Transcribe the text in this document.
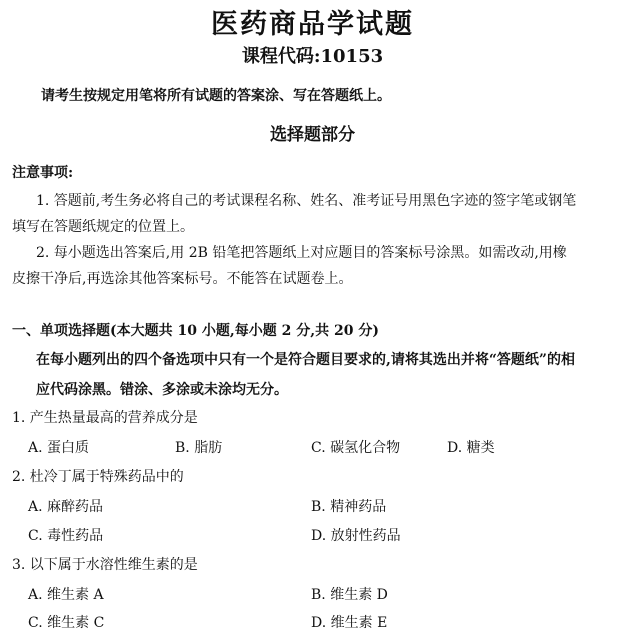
医药商品学试题
课程代码:10153
请考生按规定用笔将所有试题的答案涂、写在答题纸上。
选择题部分
注意事项:
1. 答题前,考生务必将自己的考试课程名称、姓名、准考证号用黑色字迹的签字笔或钢笔
填写在答题纸规定的位置上。
2. 每小题选出答案后,用 2B 铅笔把答题纸上对应题目的答案标号涂黑。如需改动,用橡
皮擦干净后,再选涂其他答案标号。不能答在试题卷上。
一、单项选择题(本大题共 10 小题,每小题 2 分,共 20 分)
在每小题列出的四个备选项中只有一个是符合题目要求的,请将其选出并将“答题纸”的相
应代码涂黑。错涂、多涂或未涂均无分。
1. 产生热量最高的营养成分是
A. 蛋白质	B. 脂肪	C. 碳氢化合物	D. 糖类
2. 杜冷丁属于特殊药品中的
A. 麻醉药品	B. 精神药品
C. 毒性药品	D. 放射性药品
3. 以下属于水溶性维生素的是
A. 维生素 A	B. 维生素 D
C. 维生素 C	D. 维生素 E
